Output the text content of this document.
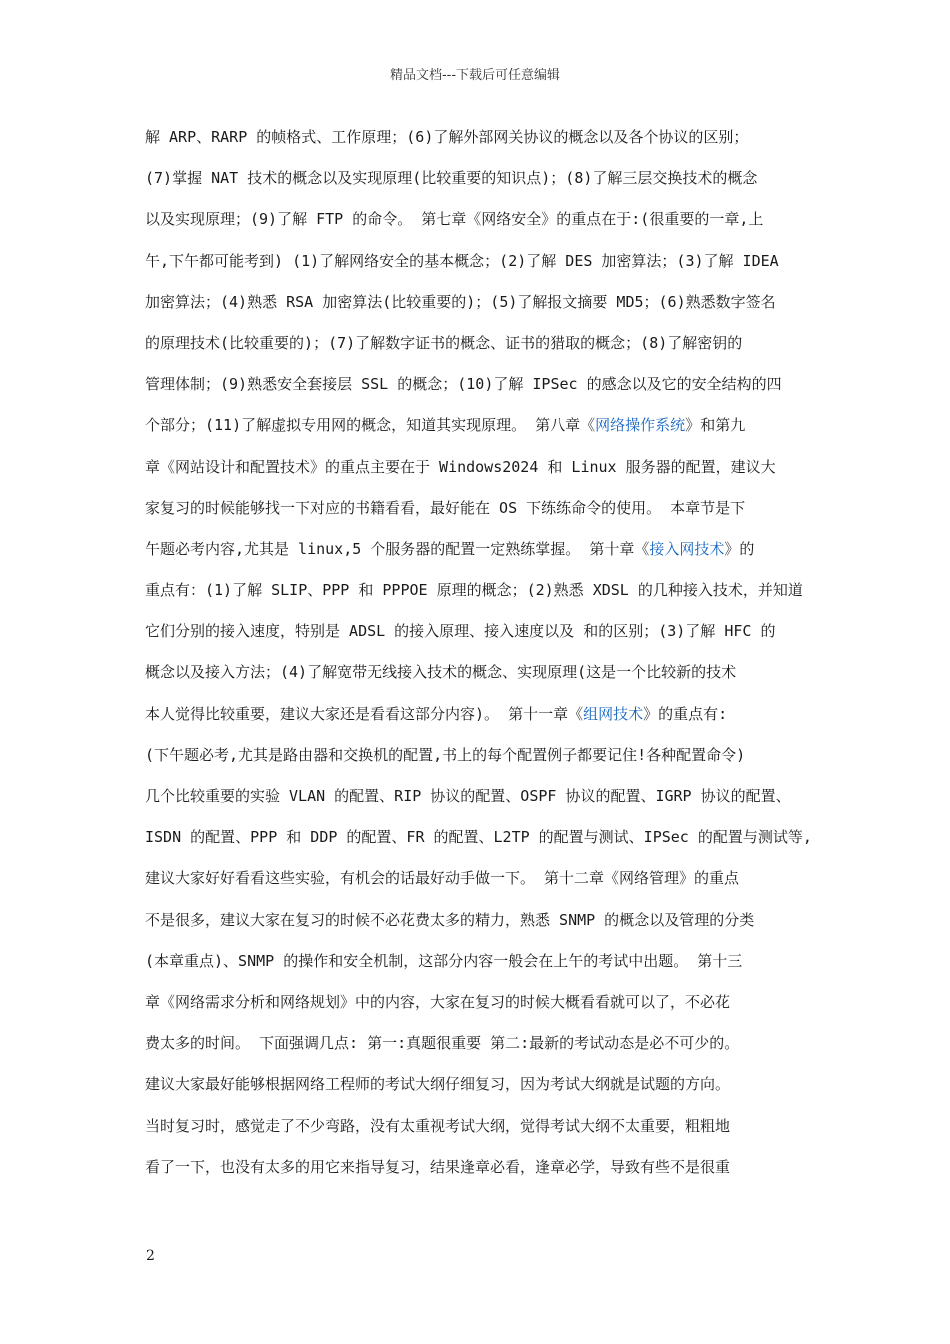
精品文档---下载后可任意编辑
解 ARP、RARP 的帧格式、工作原理；(6)了解外部网关协议的概念以及各个协议的区别；
(7)掌握 NAT 技术的概念以及实现原理(比较重要的知识点)；(8)了解三层交换技术的概念
以及实现原理；(9)了解 FTP 的命令。 第七章《网络安全》的重点在于:(很重要的一章,上
午,下午都可能考到) (1)了解网络安全的基本概念；(2)了解 DES 加密算法；(3)了解 IDEA
加密算法；(4)熟悉 RSA 加密算法(比较重要的)；(5)了解报文摘要 MD5；(6)熟悉数字签名
的原理技术(比较重要的)；(7)了解数字证书的概念、证书的猎取的概念；(8)了解密钥的
管理体制；(9)熟悉安全套接层 SSL 的概念；(10)了解 IPSec 的感念以及它的安全结构的四
个部分；(11)了解虚拟专用网的概念，知道其实现原理。 第八章《网络操作系统》和第九
章《网站设计和配置技术》的重点主要在于 Windows2024 和 Linux 服务器的配置，建议大
家复习的时候能够找一下对应的书籍看看，最好能在 OS 下练练命令的使用。 本章节是下
午题必考内容,尤其是 linux,5 个服务器的配置一定熟练掌握。 第十章《接入网技术》的
重点有：(1)了解 SLIP、PPP 和 PPPOE 原理的概念；(2)熟悉 XDSL 的几种接入技术，并知道
它们分别的接入速度，特别是 ADSL 的接入原理、接入速度以及 和的区别；(3)了解 HFC 的
概念以及接入方法；(4)了解宽带无线接入技术的概念、实现原理(这是一个比较新的技术
本人觉得比较重要，建议大家还是看看这部分内容)。 第十一章《组网技术》的重点有:
(下午题必考,尤其是路由器和交换机的配置,书上的每个配置例子都要记住!各种配置命令)
几个比较重要的实验 VLAN 的配置、RIP 协议的配置、OSPF 协议的配置、IGRP 协议的配置、
ISDN 的配置、PPP 和 DDP 的配置、FR 的配置、L2TP 的配置与测试、IPSec 的配置与测试等,
建议大家好好看看这些实验，有机会的话最好动手做一下。 第十二章《网络管理》的重点
不是很多，建议大家在复习的时候不必花费太多的精力，熟悉 SNMP 的概念以及管理的分类
(本章重点)、SNMP 的操作和安全机制，这部分内容一般会在上午的考试中出题。 第十三
章《网络需求分析和网络规划》中的内容，大家在复习的时候大概看看就可以了，不必花
费太多的时间。 下面强调几点: 第一:真题很重要 第二:最新的考试动态是必不可少的。
建议大家最好能够根据网络工程师的考试大纲仔细复习，因为考试大纲就是试题的方向。
当时复习时，感觉走了不少弯路，没有太重视考试大纲，觉得考试大纲不太重要，粗粗地
看了一下，也没有太多的用它来指导复习，结果逢章必看，逢章必学，导致有些不是很重
2
